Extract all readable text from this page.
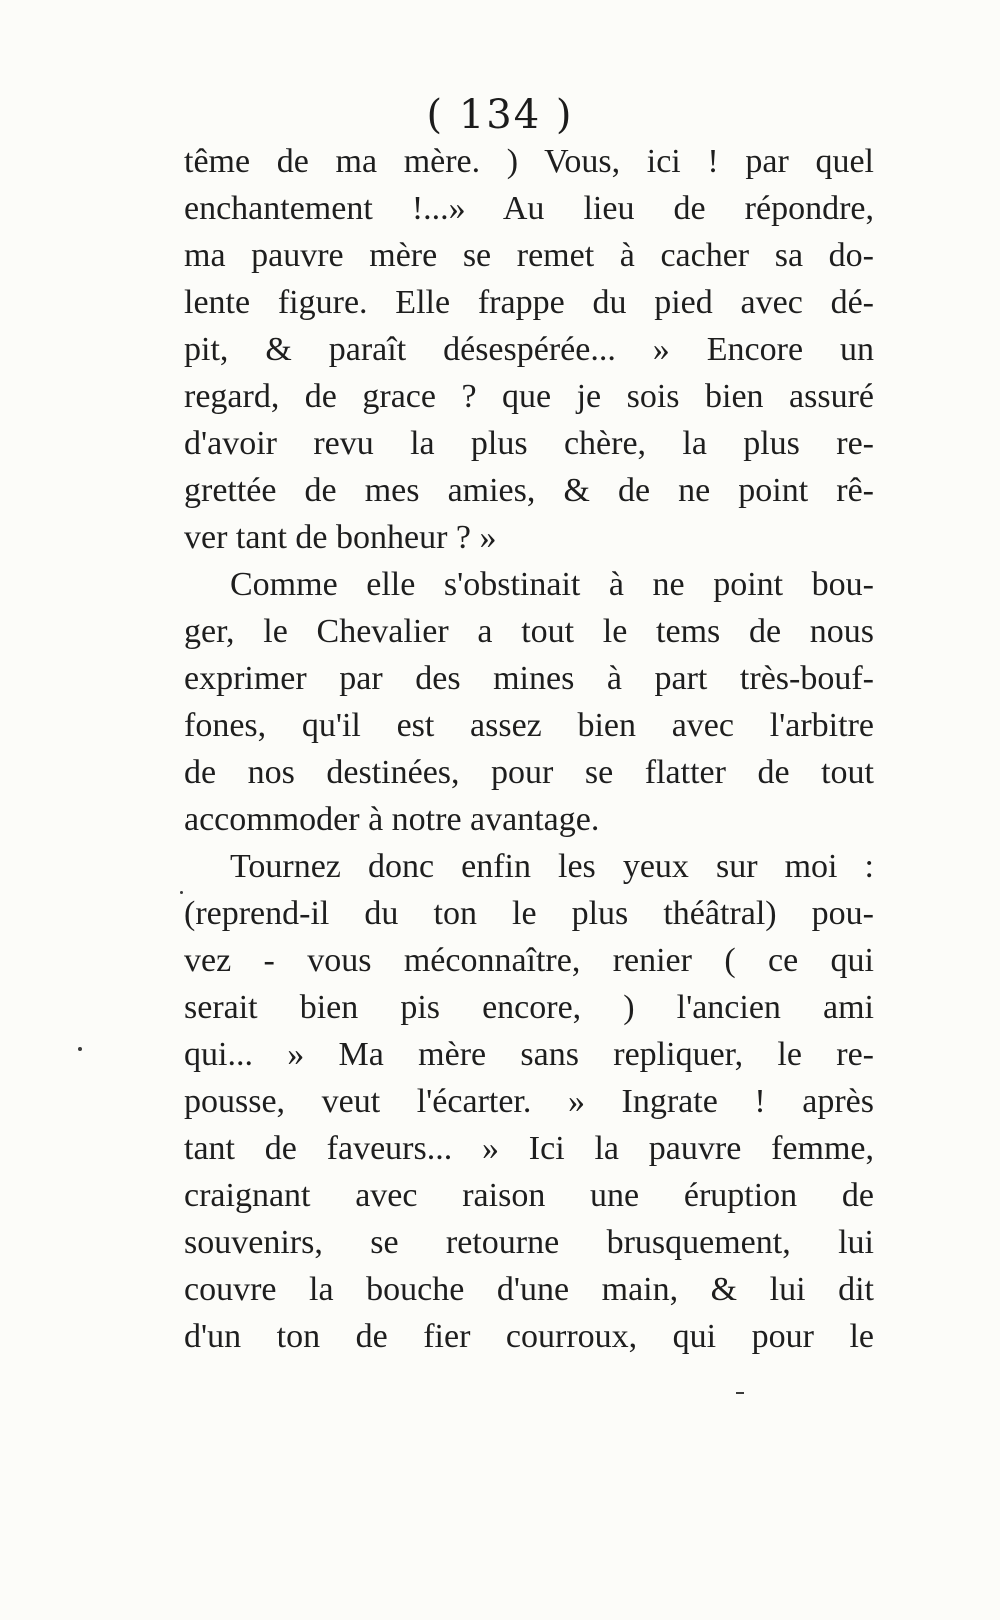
( 134 )
tême de ma mère. ) Vous, ici ! par quel
enchantement !...» Au lieu de répondre,
ma pauvre mère se remet à cacher sa do-
lente figure. Elle frappe du pied avec dé-
pit, & paraît désespérée... » Encore un
regard, de grace ? que je sois bien assuré
d'avoir revu la plus chère, la plus re-
grettée de mes amies, & de ne point rê-
ver tant de bonheur ? »
Comme elle s'obstinait à ne point bou-
ger, le Chevalier a tout le tems de nous
exprimer par des mines à part très-bouf-
fones, qu'il est assez bien avec l'arbitre
de nos destinées, pour se flatter de tout
accommoder à notre avantage.
Tournez donc enfin les yeux sur moi :
(reprend-il du ton le plus théâtral) pou-
vez - vous méconnaître, renier ( ce qui
serait bien pis encore, ) l'ancien ami
qui... » Ma mère sans repliquer, le re-
pousse, veut l'écarter. » Ingrate ! après
tant de faveurs... » Ici la pauvre femme,
craignant avec raison une éruption de
souvenirs, se retourne brusquement, lui
couvre la bouche d'une main, & lui dit
d'un ton de fier courroux, qui pour le
